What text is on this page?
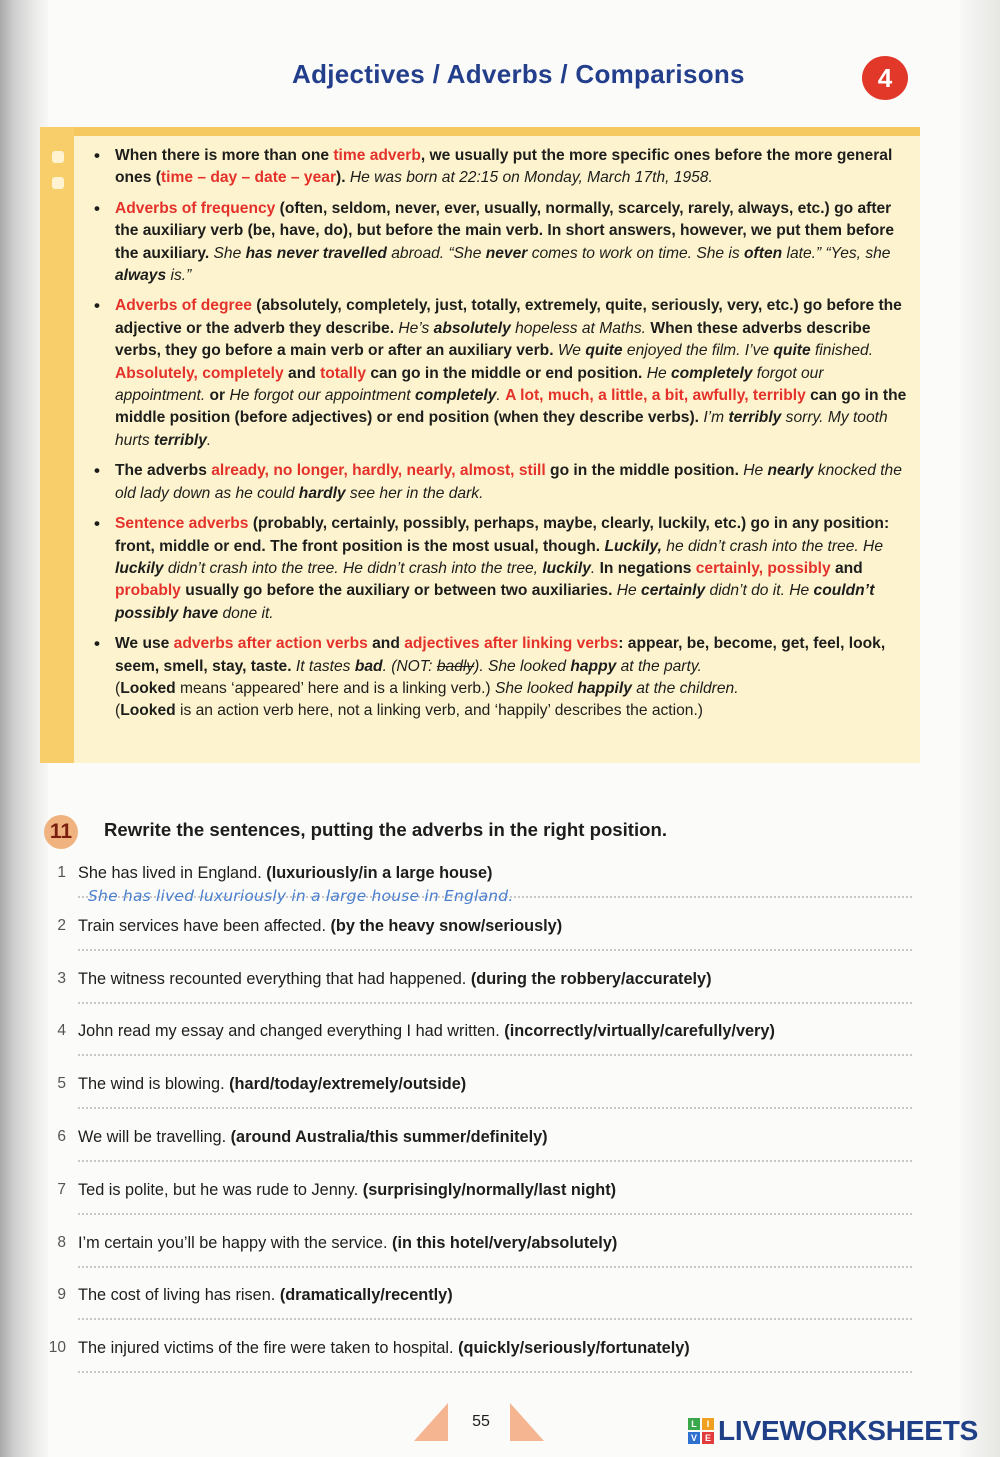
Adjectives / Adverbs / Comparisons	4
• When there is more than one time adverb, we usually put the more specific ones before the more general ones (time – day – date – year). He was born at 22:15 on Monday, March 17th, 1958.
• Adverbs of frequency (often, seldom, never, ever, usually, normally, scarcely, rarely, always, etc.) go after the auxiliary verb (be, have, do), but before the main verb. In short answers, however, we put them before the auxiliary. She has never travelled abroad. “She never comes to work on time. She is often late.” “Yes, she always is.”
• Adverbs of degree (absolutely, completely, just, totally, extremely, quite, seriously, very, etc.) go before the adjective or the adverb they describe. He’s absolutely hopeless at Maths. When these adverbs describe verbs, they go before a main verb or after an auxiliary verb. We quite enjoyed the film. I’ve quite finished.
Absolutely, completely and totally can go in the middle or end position. He completely forgot our appointment. or He forgot our appointment completely. A lot, much, a little, a bit, awfully, terribly can go in the middle position (before adjectives) or end position (when they describe verbs). I’m terribly sorry. My tooth hurts terribly.
• The adverbs already, no longer, hardly, nearly, almost, still go in the middle position. He nearly knocked the old lady down as he could hardly see her in the dark.
• Sentence adverbs (probably, certainly, possibly, perhaps, maybe, clearly, luckily, etc.) go in any position: front, middle or end. The front position is the most usual, though. Luckily, he didn’t crash into the tree. He luckily didn’t crash into the tree. He didn’t crash into the tree, luckily. In negations certainly, possibly and probably usually go before the auxiliary or between two auxiliaries. He certainly didn’t do it. He couldn’t possibly have done it.
• We use adverbs after action verbs and adjectives after linking verbs: appear, be, become, get, feel, look, seem, smell, stay, taste. It tastes bad. (NOT: badly). She looked happy at the party.
(Looked means ‘appeared’ here and is a linking verb.) She looked happily at the children.
(Looked is an action verb here, not a linking verb, and ‘happily’ describes the action.)
11	Rewrite the sentences, putting the adverbs in the right position.
1 She has lived in England. (luxuriously/in a large house)
She has lived luxuriously in a large house in England.
2 Train services have been affected. (by the heavy snow/seriously)
3 The witness recounted everything that had happened. (during the robbery/accurately)
4 John read my essay and changed everything I had written. (incorrectly/virtually/carefully/very)
5 The wind is blowing. (hard/today/extremely/outside)
6 We will be travelling. (around Australia/this summer/definitely)
7 Ted is polite, but he was rude to Jenny. (surprisingly/normally/last night)
8 I’m certain you’ll be happy with the service. (in this hotel/very/absolutely)
9 The cost of living has risen. (dramatically/recently)
10 The injured victims of the fire were taken to hospital. (quickly/seriously/fortunately)
55	L	I
V E LIVEWORKSHEETS
